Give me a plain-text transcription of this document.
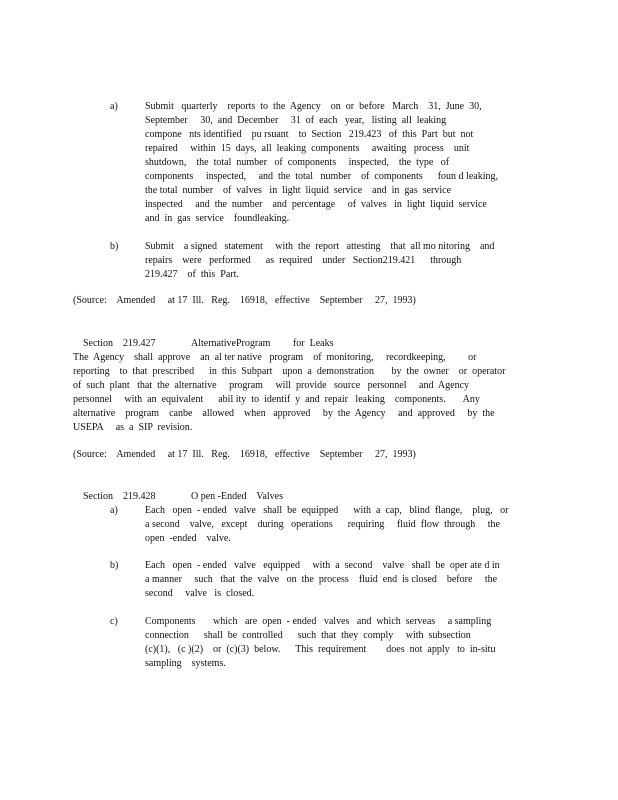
a)	Submit   quarterly    reports  to  the  Agency    on  or  before   March    31,  June  30,
September     30,  and  December     31  of  each   year,   listing  all  leaking
compone   nts identified    pu rsuant    to  Section   219.423   of  this  Part  but  not
repaired     within  15  days,  all  leaking  components     awaiting   process    unit
shutdown,    the  total  number   of  components     inspected,    the  type   of
components     inspected,     and  the  total   number    of  components      foun d leaking,
the total  number    of  valves   in  light  liquid  service    and  in  gas  service
inspected     and  the  number    and  percentage     of  valves   in  light  liquid  service
and  in  gas  service    foundleaking.
b)	Submit    a signed   statement     with  the  report   attesting    that  all mo nitoring    and
repairs    were   performed      as  required    under   Section219.421      through
219.427    of  this  Part.
(Source:    Amended     at 17  Ill.   Reg.    16918,   effective    September     27,  1993)

Section    219.427	AlternativeProgram         for  Leaks

The  Agency    shall  approve    an  al ter native   program    of  monitoring,     recordkeeping,         or
reporting    to  that  prescribed      in  this  Subpart    upon  a  demonstration       by  the  owner    or  operator
of  such  plant   that  the  alternative     program     will  provide   source   personnel     and  Agency
personnel     with  an  equivalent      abil ity  to  identif  y  and  repair   leaking    components.       Any
alternative    program    canbe    allowed    when   approved     by  the  Agency     and  approved     by  the
USEPA     as  a  SIP  revision.
(Source:    Amended     at 17  Ill.   Reg.    16918,   effective    September     27,  1993)

Section    219.428	O pen -Ended    Valves

a)	Each   open  - ended   valve   shall  be  equipped      with  a  cap,   blind  flange,    plug,   or
a second    valve,   except    during   operations      requiring     fluid  flow  through     the
open  -ended    valve.
b)	Each   open  - ended   valve   equipped     with  a  second    valve   shall  be  oper ate d in
a manner     such   that  the  valve   on  the  process    fluid  end  is closed    before     the
second     valve   is  closed.
c)	Components       which   are  open  - ended   valves   and  which  serveas     a sampling
connection      shall  be  controlled      such  that  they  comply     with  subsection
(c)(1),   (c )(2)    or  (c)(3)  below.      This  requirement        does  not  apply   to  in-situ
sampling    systems.
